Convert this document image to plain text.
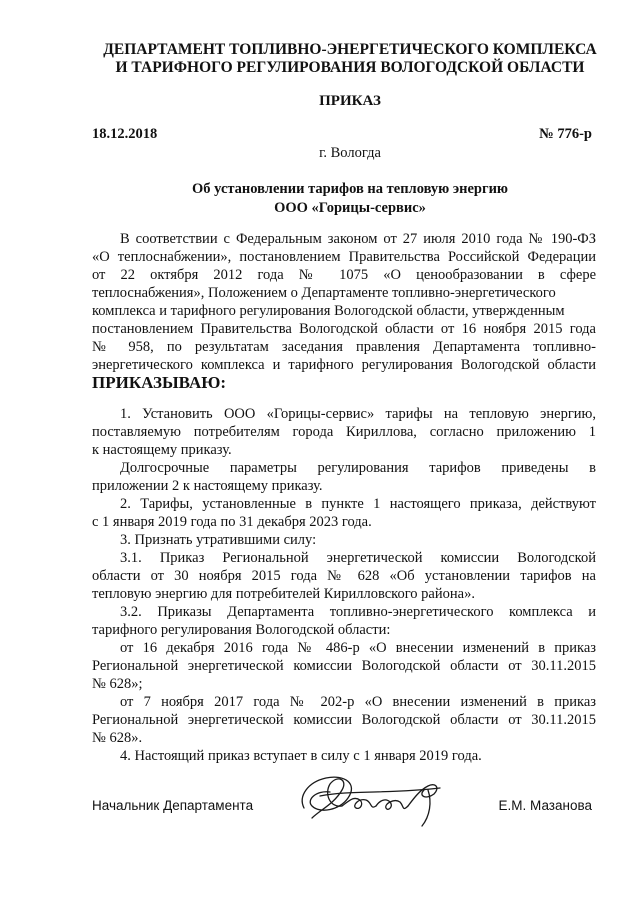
ДЕПАРТАМЕНТ ТОПЛИВНО-ЭНЕРГЕТИЧЕСКОГО КОМПЛЕКСА
И ТАРИФНОГО РЕГУЛИРОВАНИЯ ВОЛОГОДСКОЙ ОБЛАСТИ
ПРИКАЗ
18.12.2018	№ 776-р
г. Вологда
Об установлении тарифов на тепловую энергию
ООО «Горицы-сервис»
В соответствии с Федеральным законом от 27 июля 2010 года № 190-ФЗ
«О теплоснабжении», постановлением Правительства Российской Федерации
от 22 октября 2012 года № 1075 «О ценообразовании в сфере
теплоснабжения», Положением о Департаменте топливно-энергетического
комплекса и тарифного регулирования Вологодской области, утвержденным
постановлением Правительства Вологодской области от 16 ноября 2015 года
№ 958, по результатам заседания правления Департамента топливно-
энергетического комплекса и тарифного регулирования Вологодской области
ПРИКАЗЫВАЮ:
1. Установить ООО «Горицы-сервис» тарифы на тепловую энергию,
поставляемую потребителям города Кириллова, согласно приложению 1
к настоящему приказу.
Долгосрочные параметры регулирования тарифов приведены в
приложении 2 к настоящему приказу.
2. Тарифы, установленные в пункте 1 настоящего приказа, действуют
с 1 января 2019 года по 31 декабря 2023 года.
3. Признать утратившими силу:
3.1. Приказ Региональной энергетической комиссии Вологодской
области от 30 ноября 2015 года № 628 «Об установлении тарифов на
тепловую энергию для потребителей Кирилловского района».
3.2. Приказы Департамента топливно-энергетического комплекса и
тарифного регулирования Вологодской области:
от 16 декабря 2016 года № 486-р «О внесении изменений в приказ
Региональной энергетической комиссии Вологодской области от 30.11.2015
№ 628»;
от 7 ноября 2017 года № 202-р «О внесении изменений в приказ
Региональной энергетической комиссии Вологодской области от 30.11.2015
№ 628».
4. Настоящий приказ вступает в силу с 1 января 2019 года.
Начальник Департамента	Е.М. Мазанова
